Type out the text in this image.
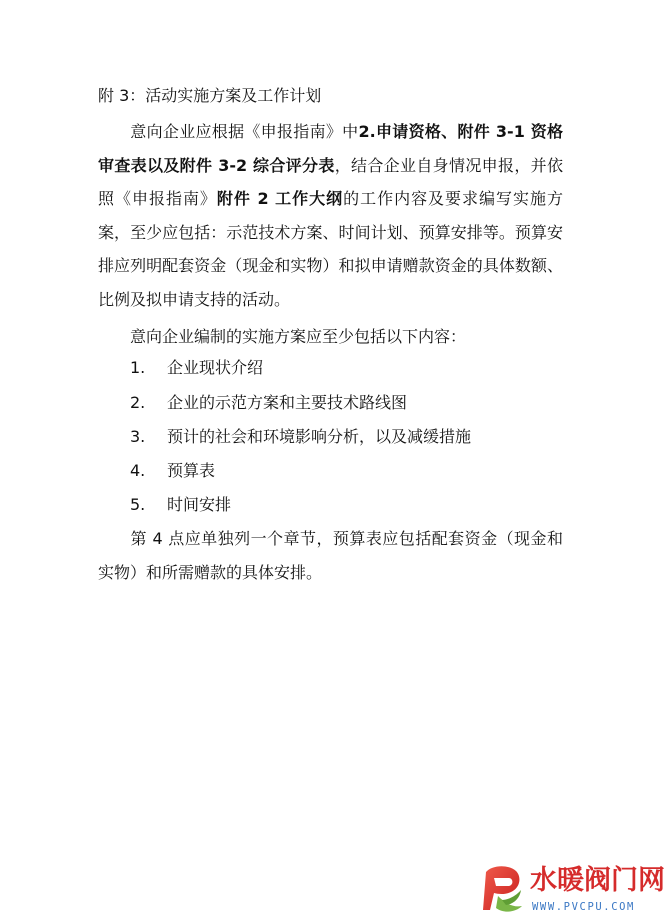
附 3：活动实施方案及工作计划
意向企业应根据《申报指南》中2.申请资格、附件 3-1 资格审查表以及附件 3-2 综合评分表，结合企业自身情况申报，并依照《申报指南》附件 2 工作大纲的工作内容及要求编写实施方案，至少应包括：示范技术方案、时间计划、预算安排等。预算安排应列明配套资金（现金和实物）和拟申请赠款资金的具体数额、比例及拟申请支持的活动。
意向企业编制的实施方案应至少包括以下内容：
1. 企业现状介绍
2. 企业的示范方案和主要技术路线图
3. 预计的社会和环境影响分析，以及减缓措施
4. 预算表
5. 时间安排
第 4 点应单独列一个章节，预算表应包括配套资金（现金和实物）和所需赠款的具体安排。
水暖阀门网
WWW.PVCPU.COM
